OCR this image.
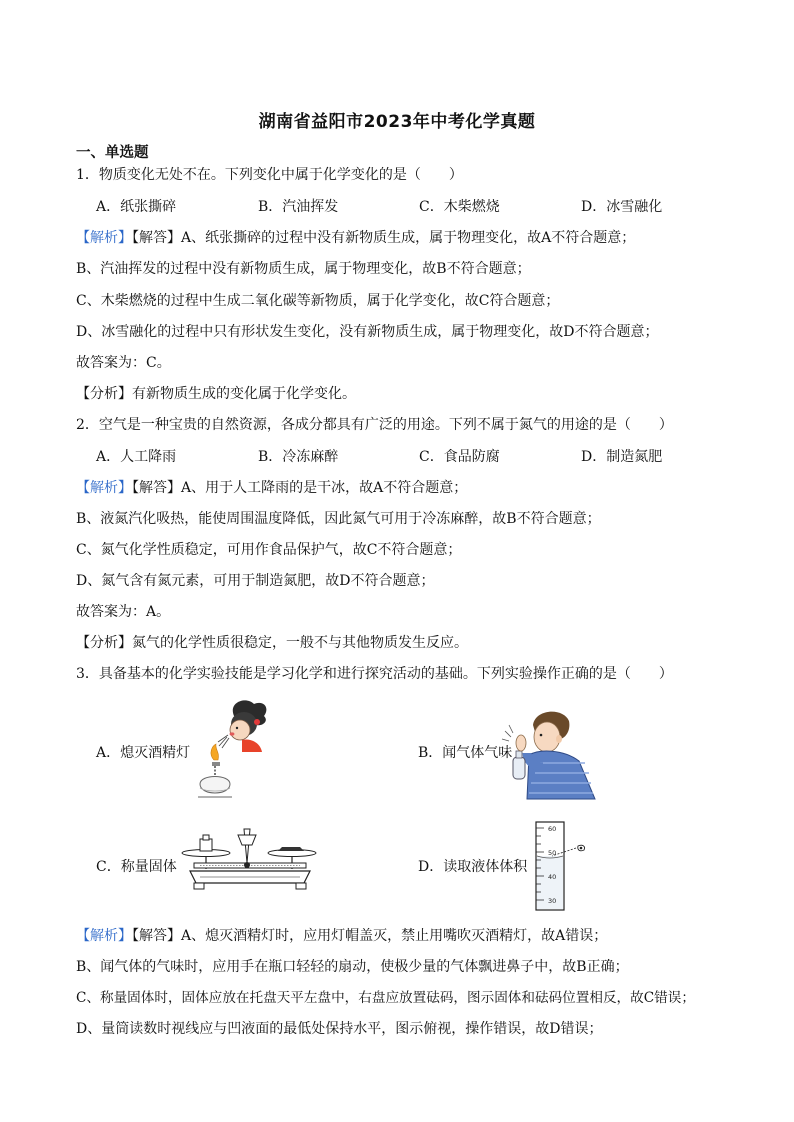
湖南省益阳市2023年中考化学真题
一、单选题
1．物质变化无处不在。下列变化中属于化学变化的是（　　）
A．纸张撕碎	B．汽油挥发	C．木柴燃烧	D．冰雪融化
【解析】【解答】A、纸张撕碎的过程中没有新物质生成，属于物理变化，故A不符合题意；
B、汽油挥发的过程中没有新物质生成，属于物理变化，故B不符合题意；
C、木柴燃烧的过程中生成二氧化碳等新物质，属于化学变化，故C符合题意；
D、冰雪融化的过程中只有形状发生变化，没有新物质生成，属于物理变化，故D不符合题意；
故答案为：C。
【分析】有新物质生成的变化属于化学变化。
2．空气是一种宝贵的自然资源，各成分都具有广泛的用途。下列不属于氮气的用途的是（　　）
A．人工降雨	B．冷冻麻醉	C．食品防腐	D．制造氮肥
【解析】【解答】A、用于人工降雨的是干冰，故A不符合题意；
B、液氮汽化吸热，能使周围温度降低，因此氮气可用于冷冻麻醉，故B不符合题意；
C、氮气化学性质稳定，可用作食品保护气，故C不符合题意；
D、氮气含有氮元素，可用于制造氮肥，故D不符合题意；
故答案为：A。
【分析】氮气的化学性质很稳定，一般不与其他物质发生反应。
3．具备基本的化学实验技能是学习化学和进行探究活动的基础。下列实验操作正确的是（　　）
A．熄灭酒精灯	B．闻气体气味
C．称量固体
60
50
40
30
D．读取液体体积
【解析】【解答】A、熄灭酒精灯时，应用灯帽盖灭，禁止用嘴吹灭酒精灯，故A错误；
B、闻气体的气味时，应用手在瓶口轻轻的扇动，使极少量的气体飘进鼻子中，故B正确；
C、称量固体时，固体应放在托盘天平左盘中，右盘应放置砝码，图示固体和砝码位置相反，故C错误；
D、量筒读数时视线应与凹液面的最低处保持水平，图示俯视，操作错误，故D错误；
